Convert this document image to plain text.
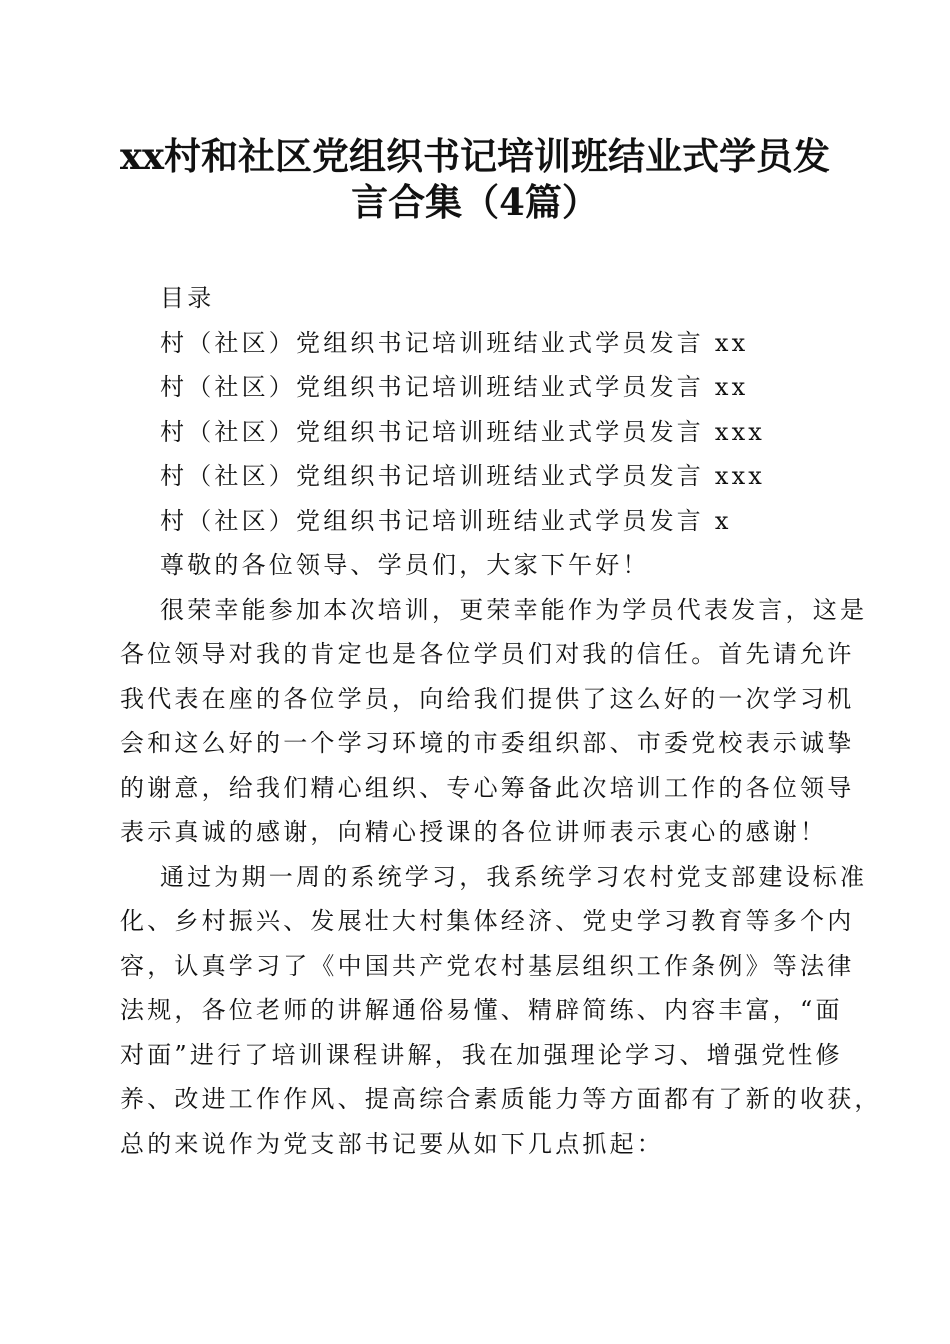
xx村和社区党组织书记培训班结业式学员发
言合集（4篇）
目录
村（社区）党组织书记培训班结业式学员发言 xx
村（社区）党组织书记培训班结业式学员发言 xx
村（社区）党组织书记培训班结业式学员发言 xxx
村（社区）党组织书记培训班结业式学员发言 xxx
村（社区）党组织书记培训班结业式学员发言 x
尊敬的各位领导、学员们，大家下午好！
很荣幸能参加本次培训，更荣幸能作为学员代表发言，这是
各位领导对我的肯定也是各位学员们对我的信任。首先请允许
我代表在座的各位学员，向给我们提供了这么好的一次学习机
会和这么好的一个学习环境的市委组织部、市委党校表示诚挚
的谢意，给我们精心组织、专心筹备此次培训工作的各位领导
表示真诚的感谢，向精心授课的各位讲师表示衷心的感谢！
通过为期一周的系统学习，我系统学习农村党支部建设标准
化、乡村振兴、发展壮大村集体经济、党史学习教育等多个内
容，认真学习了《中国共产党农村基层组织工作条例》等法律
法规，各位老师的讲解通俗易懂、精辟简练、内容丰富，“面
对面”进行了培训课程讲解，我在加强理论学习、增强党性修
养、改进工作作风、提高综合素质能力等方面都有了新的收获，
总的来说作为党支部书记要从如下几点抓起：
